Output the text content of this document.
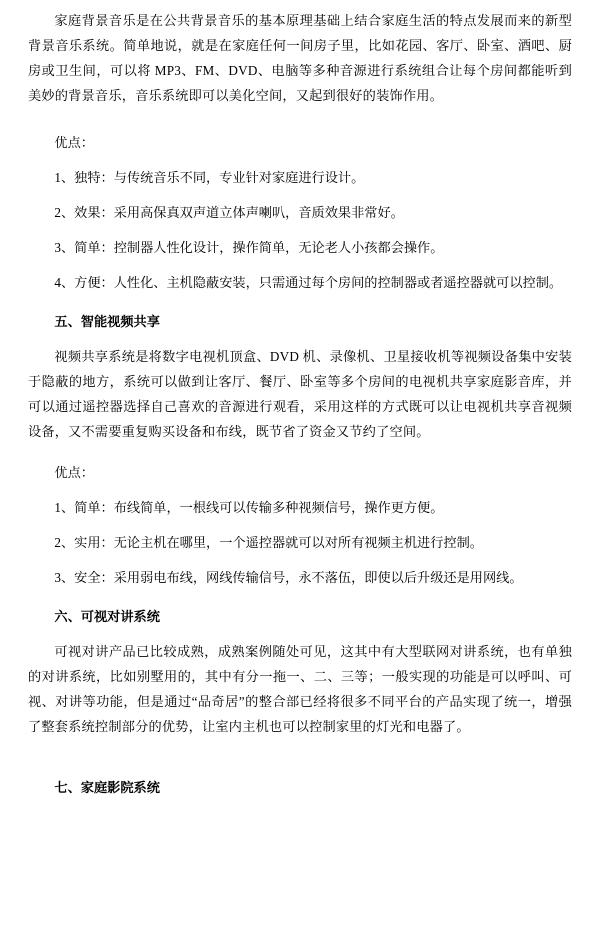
家庭背景音乐是在公共背景音乐的基本原理基础上结合家庭生活的特点发展而来的新型背景音乐系统。简单地说，就是在家庭任何一间房子里，比如花园、客厅、卧室、酒吧、厨房或卫生间，可以将 MP3、FM、DVD、电脑等多种音源进行系统组合让每个房间都能听到美妙的背景音乐，音乐系统即可以美化空间，又起到很好的装饰作用。

优点：

1、独特：与传统音乐不同，专业针对家庭进行设计。

2、效果：采用高保真双声道立体声喇叭，音质效果非常好。

3、简单：控制器人性化设计，操作简单，无论老人小孩都会操作。

4、方便：人性化、主机隐蔽安装，只需通过每个房间的控制器或者遥控器就可以控制。

五、智能视频共享

视频共享系统是将数字电视机顶盒、DVD 机、录像机、卫星接收机等视频设备集中安装于隐蔽的地方，系统可以做到让客厅、餐厅、卧室等多个房间的电视机共享家庭影音库，并可以通过遥控器选择自己喜欢的音源进行观看，采用这样的方式既可以让电视机共享音视频设备，又不需要重复购买设备和布线，既节省了资金又节约了空间。

优点：

1、简单：布线简单，一根线可以传输多种视频信号，操作更方便。

2、实用：无论主机在哪里，一个遥控器就可以对所有视频主机进行控制。

3、安全：采用弱电布线，网线传输信号，永不落伍，即使以后升级还是用网线。

六、可视对讲系统

可视对讲产品已比较成熟，成熟案例随处可见，这其中有大型联网对讲系统，也有单独的对讲系统，比如别墅用的，其中有分一拖一、二、三等；一般实现的功能是可以呼叫、可视、对讲等功能，但是通过“品奇居”的整合部已经将很多不同平台的产品实现了统一，增强了整套系统控制部分的优势，让室内主机也可以控制家里的灯光和电器了。

七、家庭影院系统
